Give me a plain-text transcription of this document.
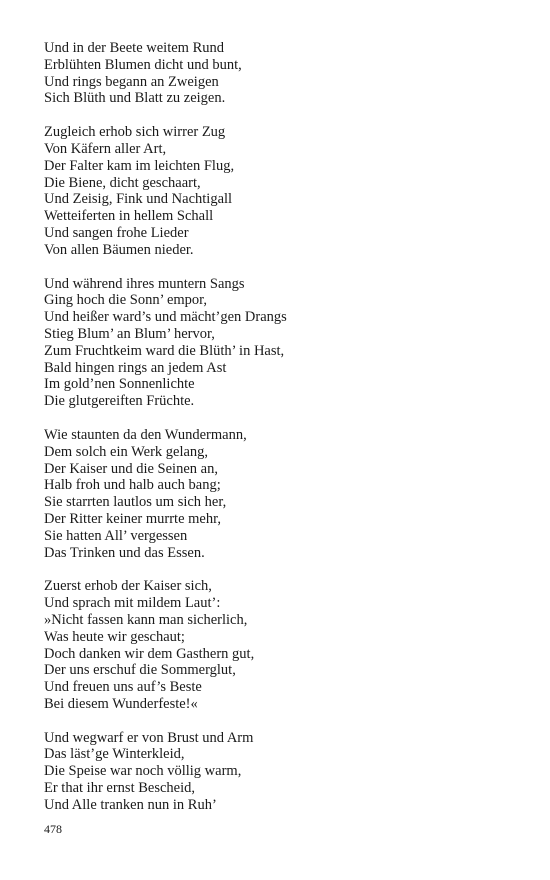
Und in der Beete weitem Rund
Erblühten Blumen dicht und bunt,
Und rings begann an Zweigen
Sich Blüth und Blatt zu zeigen.
Zugleich erhob sich wirrer Zug
Von Käfern aller Art,
Der Falter kam im leichten Flug,
Die Biene, dicht geschaart,
Und Zeisig, Fink und Nachtigall
Wetteiferten in hellem Schall
Und sangen frohe Lieder
Von allen Bäumen nieder.
Und während ihres muntern Sangs
Ging hoch die Sonn’ empor,
Und heißer ward’s und mächt’gen Drangs
Stieg Blum’ an Blum’ hervor,
Zum Fruchtkeim ward die Blüth’ in Hast,
Bald hingen rings an jedem Ast
Im gold’nen Sonnenlichte
Die glutgereiften Früchte.
Wie staunten da den Wundermann,
Dem solch ein Werk gelang,
Der Kaiser und die Seinen an,
Halb froh und halb auch bang;
Sie starrten lautlos um sich her,
Der Ritter keiner murrte mehr,
Sie hatten All’ vergessen
Das Trinken und das Essen.
Zuerst erhob der Kaiser sich,
Und sprach mit mildem Laut’:
»Nicht fassen kann man sicherlich,
Was heute wir geschaut;
Doch danken wir dem Gasthern gut,
Der uns erschuf die Sommerglut,
Und freuen uns auf’s Beste
Bei diesem Wunderfeste!«
Und wegwarf er von Brust und Arm
Das läst’ge Winterkleid,
Die Speise war noch völlig warm,
Er that ihr ernst Bescheid,
Und Alle tranken nun in Ruh’
478
